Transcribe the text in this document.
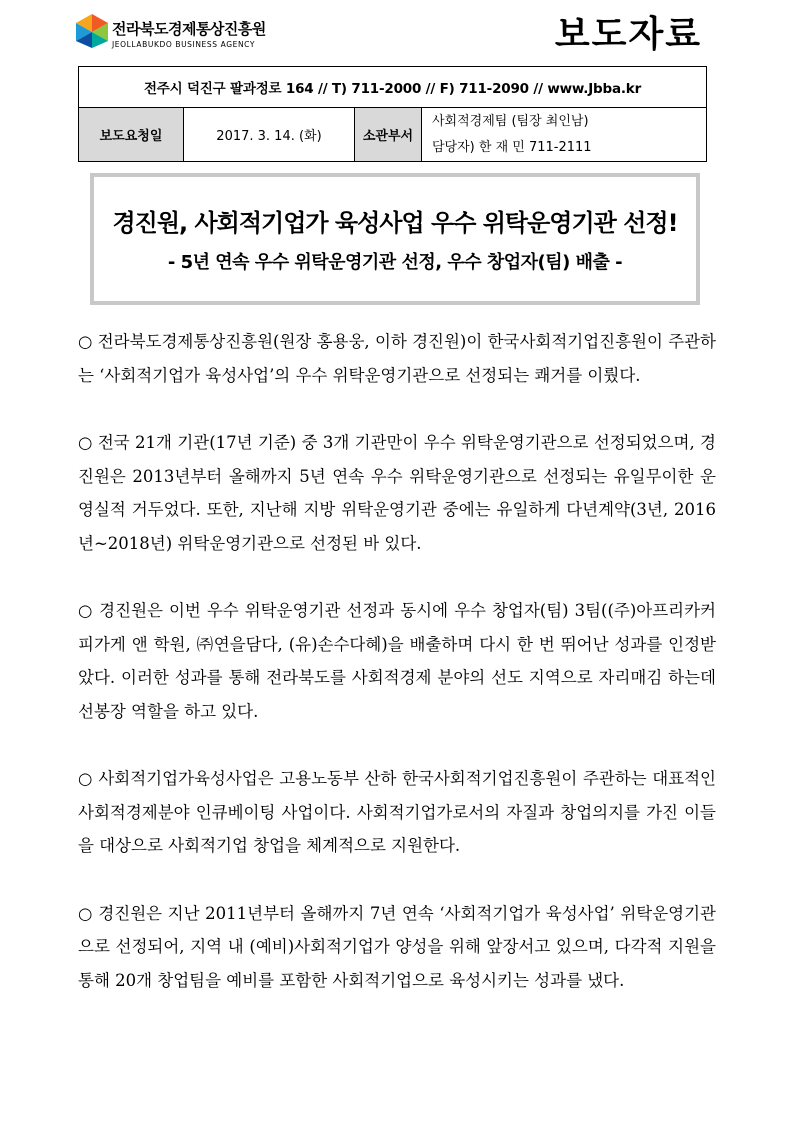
전라북도경제통상진흥원
JEOLLABUKDO BUSINESS AGENCY	보도자료
전주시 덕진구 팔과정로 164 // T) 711-2000 // F) 711-2090 // www.Jbba.kr
보도요청일	2017. 3. 14. (화)	소관부서	
사회적경제팀 (팀장 최인남)
담당자) 한 재 민 711-2111
경진원, 사회적기업가 육성사업 우수 위탁운영기관 선정!
- 5년 연속 우수 위탁운영기관 선정, 우수 창업자(팀) 배출 -

○ 전라북도경제통상진흥원(원장 홍용웅, 이하 경진원)이 한국사회적기업진흥원이 주관하는 ‘사회적기업가 육성사업’의 우수 위탁운영기관으로 선정되는 쾌거를 이뤘다.

○ 전국 21개 기관(17년 기준) 중 3개 기관만이 우수 위탁운영기관으로 선정되었으며, 경진원은 2013년부터 올해까지 5년 연속 우수 위탁운영기관으로 선정되는 유일무이한 운영실적 거두었다. 또한, 지난해 지방 위탁운영기관 중에는 유일하게 다년계약(3년, 2016년~2018년) 위탁운영기관으로 선정된 바 있다.

○ 경진원은 이번 우수 위탁운영기관 선정과 동시에 우수 창업자(팀) 3팀((주)아프리카커피가게 앤 학원, ㈜연을담다, (유)손수다혜)을 배출하며 다시 한 번 뛰어난 성과를 인정받았다. 이러한 성과를 통해 전라북도를 사회적경제 분야의 선도 지역으로 자리매김 하는데 선봉장 역할을 하고 있다.

○ 사회적기업가육성사업은 고용노동부 산하 한국사회적기업진흥원이 주관하는 대표적인 사회적경제분야 인큐베이팅 사업이다. 사회적기업가로서의 자질과 창업의지를 가진 이들을 대상으로 사회적기업 창업을 체계적으로 지원한다.

○ 경진원은 지난 2011년부터 올해까지 7년 연속 ‘사회적기업가 육성사업’ 위탁운영기관으로 선정되어, 지역 내 (예비)사회적기업가 양성을 위해 앞장서고 있으며, 다각적 지원을 통해 20개 창업팀을 예비를 포함한 사회적기업으로 육성시키는 성과를 냈다.
